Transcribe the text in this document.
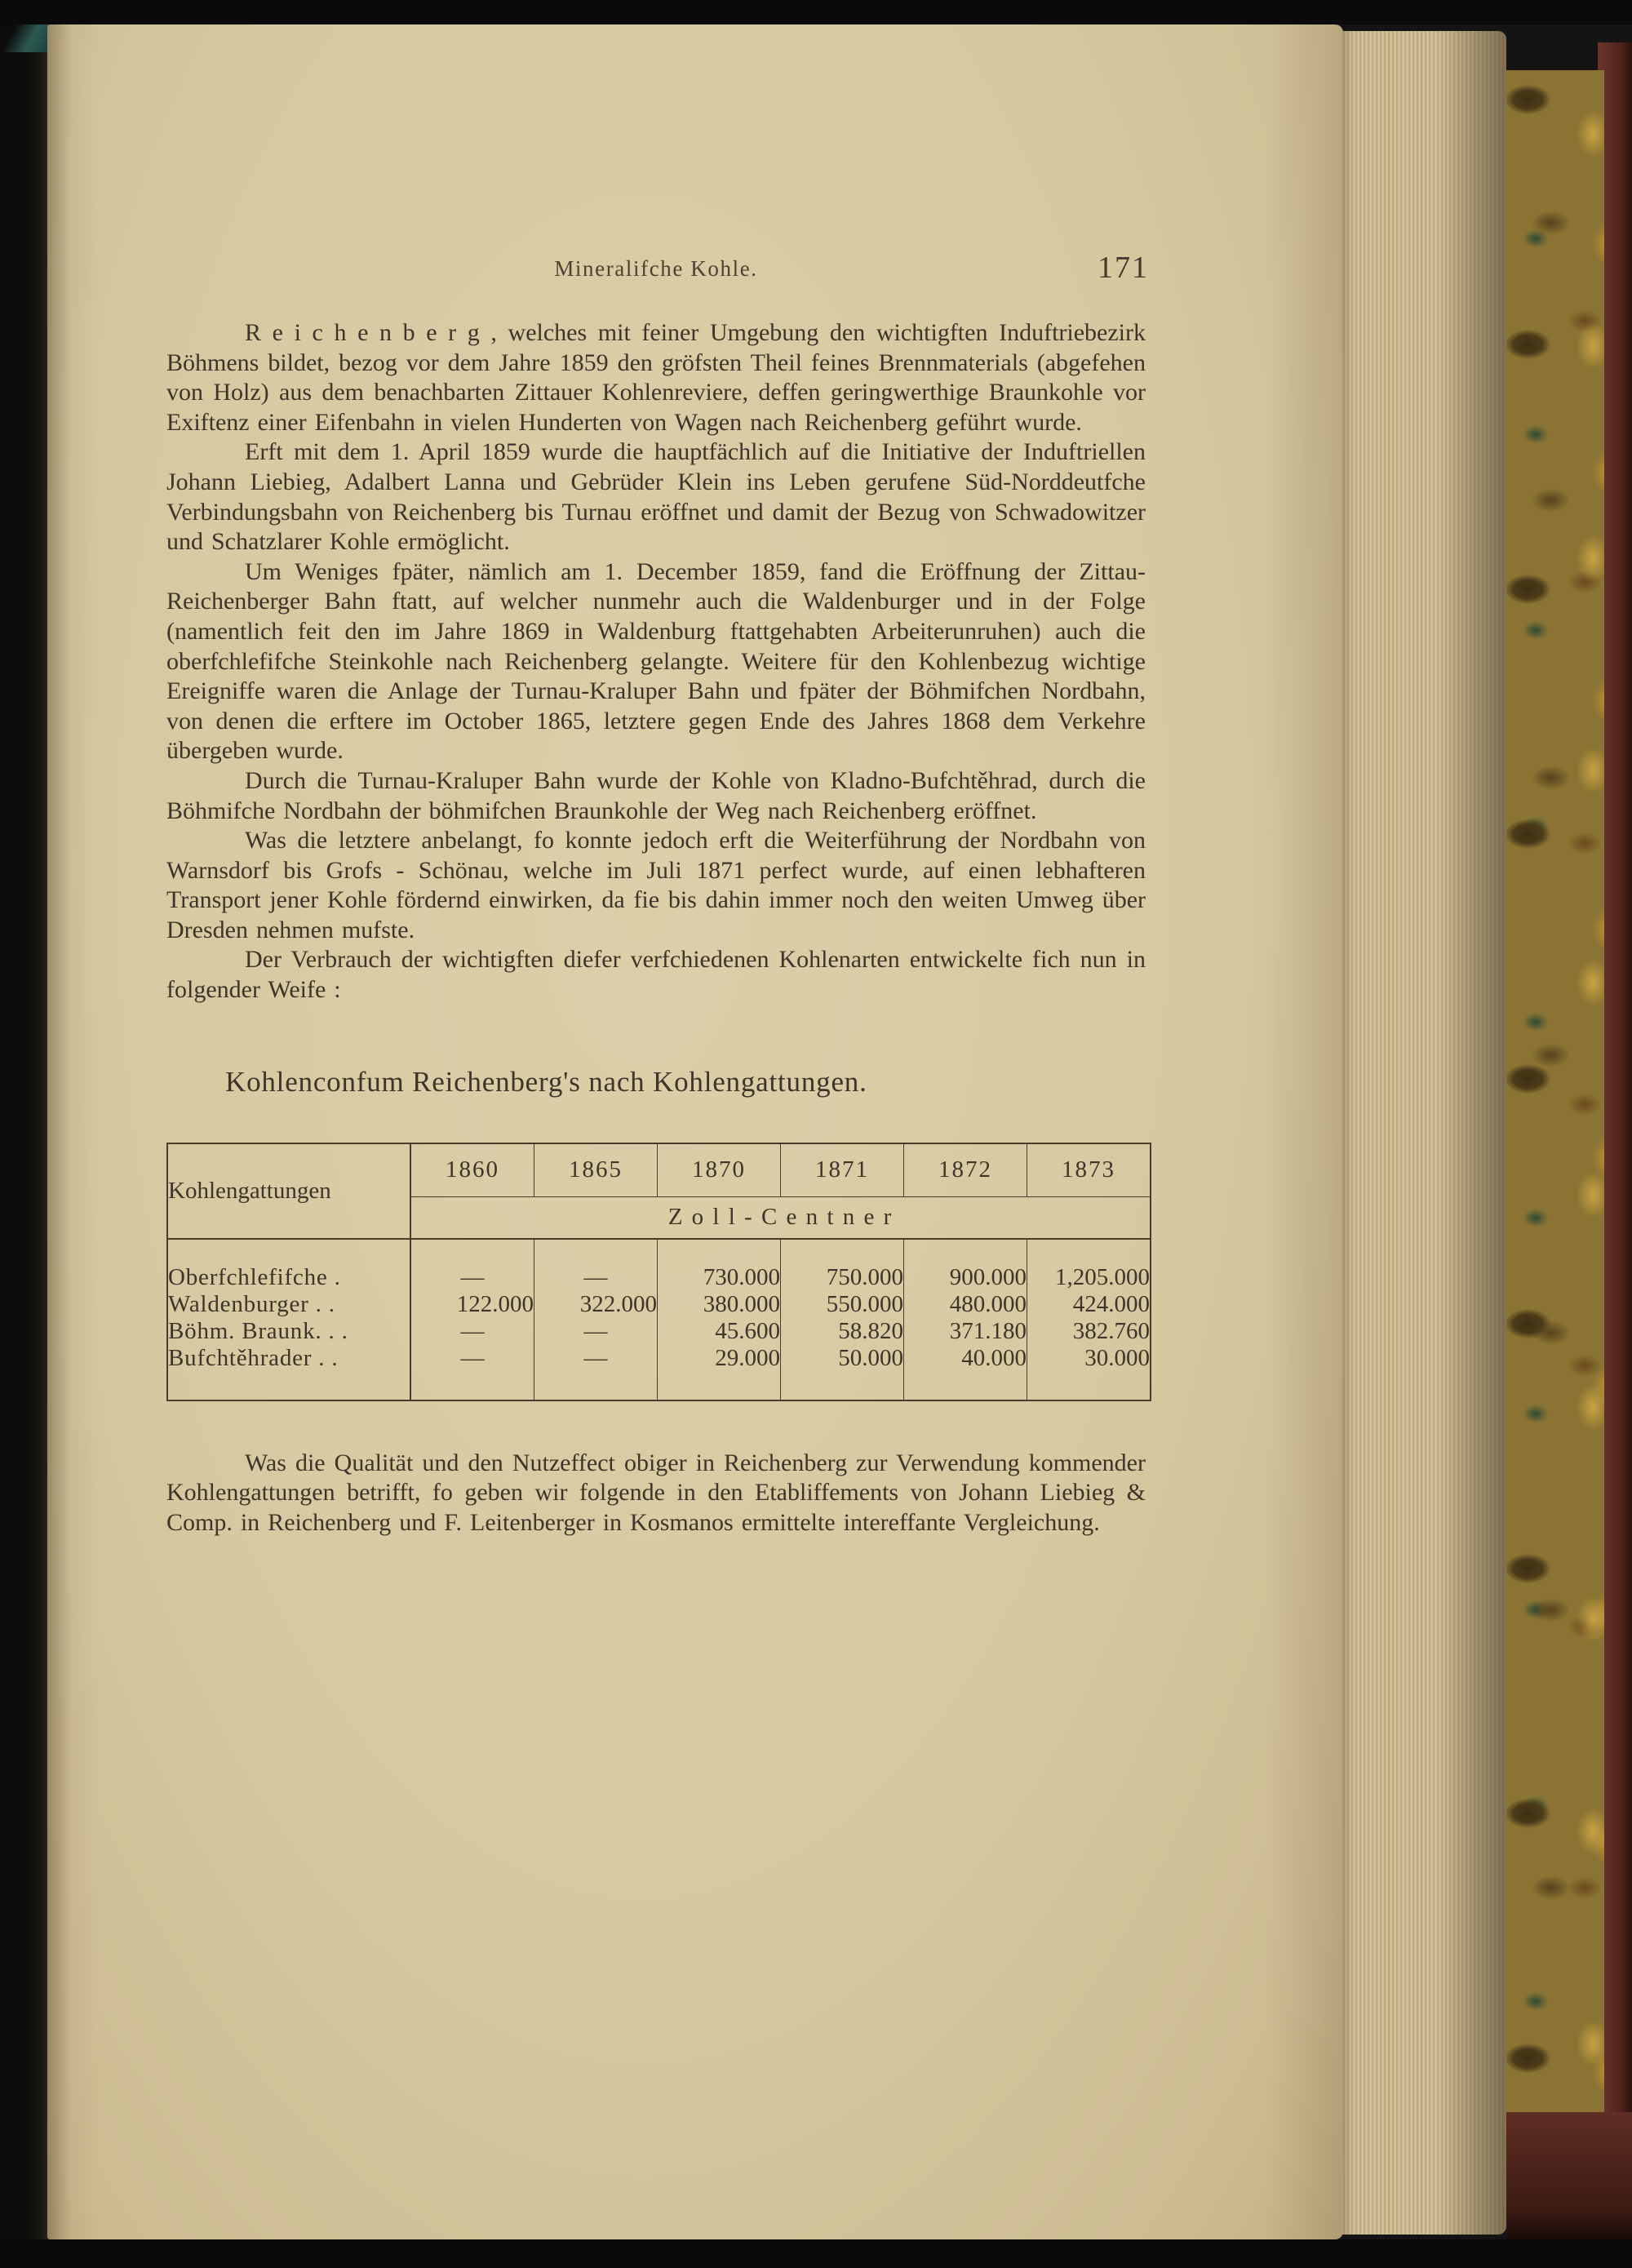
Mineralifche Kohle.	171

R e i c h e n b e r g , welches mit feiner Umgebung den wichtigften Induftriebezirk Böhmens bildet, bezog vor dem Jahre 1859 den gröfsten Theil feines Brennmaterials (abgefehen von Holz) aus dem benachbarten Zittauer Kohlenreviere, deffen geringwerthige Braunkohle vor Exiftenz einer Eifenbahn in vielen Hunderten von Wagen nach Reichenberg geführt wurde.

Erft mit dem 1. April 1859 wurde die hauptfächlich auf die Initiative der Induftriellen Johann Liebieg, Adalbert Lanna und Gebrüder Klein ins Leben gerufene Süd-Norddeutfche Verbindungsbahn von Reichenberg bis Turnau eröffnet und damit der Bezug von Schwadowitzer und Schatzlarer Kohle ermöglicht.

Um Weniges fpäter, nämlich am 1. December 1859, fand die Eröffnung der Zittau-Reichenberger Bahn ftatt, auf welcher nunmehr auch die Waldenburger und in der Folge (namentlich feit den im Jahre 1869 in Waldenburg ftattgehabten Arbeiterunruhen) auch die oberfchlefifche Steinkohle nach Reichenberg gelangte. Weitere für den Kohlenbezug wichtige Ereigniffe waren die Anlage der Turnau-Kraluper Bahn und fpäter der Böhmifchen Nordbahn, von denen die erftere im October 1865, letztere gegen Ende des Jahres 1868 dem Verkehre übergeben wurde.

Durch die Turnau-Kraluper Bahn wurde der Kohle von Kladno-Bufchtěhrad, durch die Böhmifche Nordbahn der böhmifchen Braunkohle der Weg nach Reichenberg eröffnet.

Was die letztere anbelangt, fo konnte jedoch erft die Weiterführung der Nordbahn von Warnsdorf bis Grofs - Schönau, welche im Juli 1871 perfect wurde, auf einen lebhafteren Transport jener Kohle fördernd einwirken, da fie bis dahin immer noch den weiten Umweg über Dresden nehmen mufste.

Der Verbrauch der wichtigften diefer verfchiedenen Kohlenarten entwickelte fich nun in folgender Weife :

Kohlenconfum Reichenberg's nach Kohlengattungen.
Kohlengattungen	1860	1865	1870	1871	1872	1873
	Z o l l - C e n t n e r					
Oberfchlefifche .	—	—	730.000	750.000	900.000	1,205.000
Waldenburger . .	122.000	322.000	380.000	550.000	480.000	424.000
Böhm. Braunk. . .	—	—	45.600	58.820	371.180	382.760
Bufchtěhrader . .	—	—	29.000	50.000	40.000	30.000

Was die Qualität und den Nutzeffect obiger in Reichenberg zur Verwendung kommender Kohlengattungen betrifft, fo geben wir folgende in den Etabliffements von Johann Liebieg & Comp. in Reichenberg und F. Leitenberger in Kosmanos ermittelte intereffante Vergleichung.
